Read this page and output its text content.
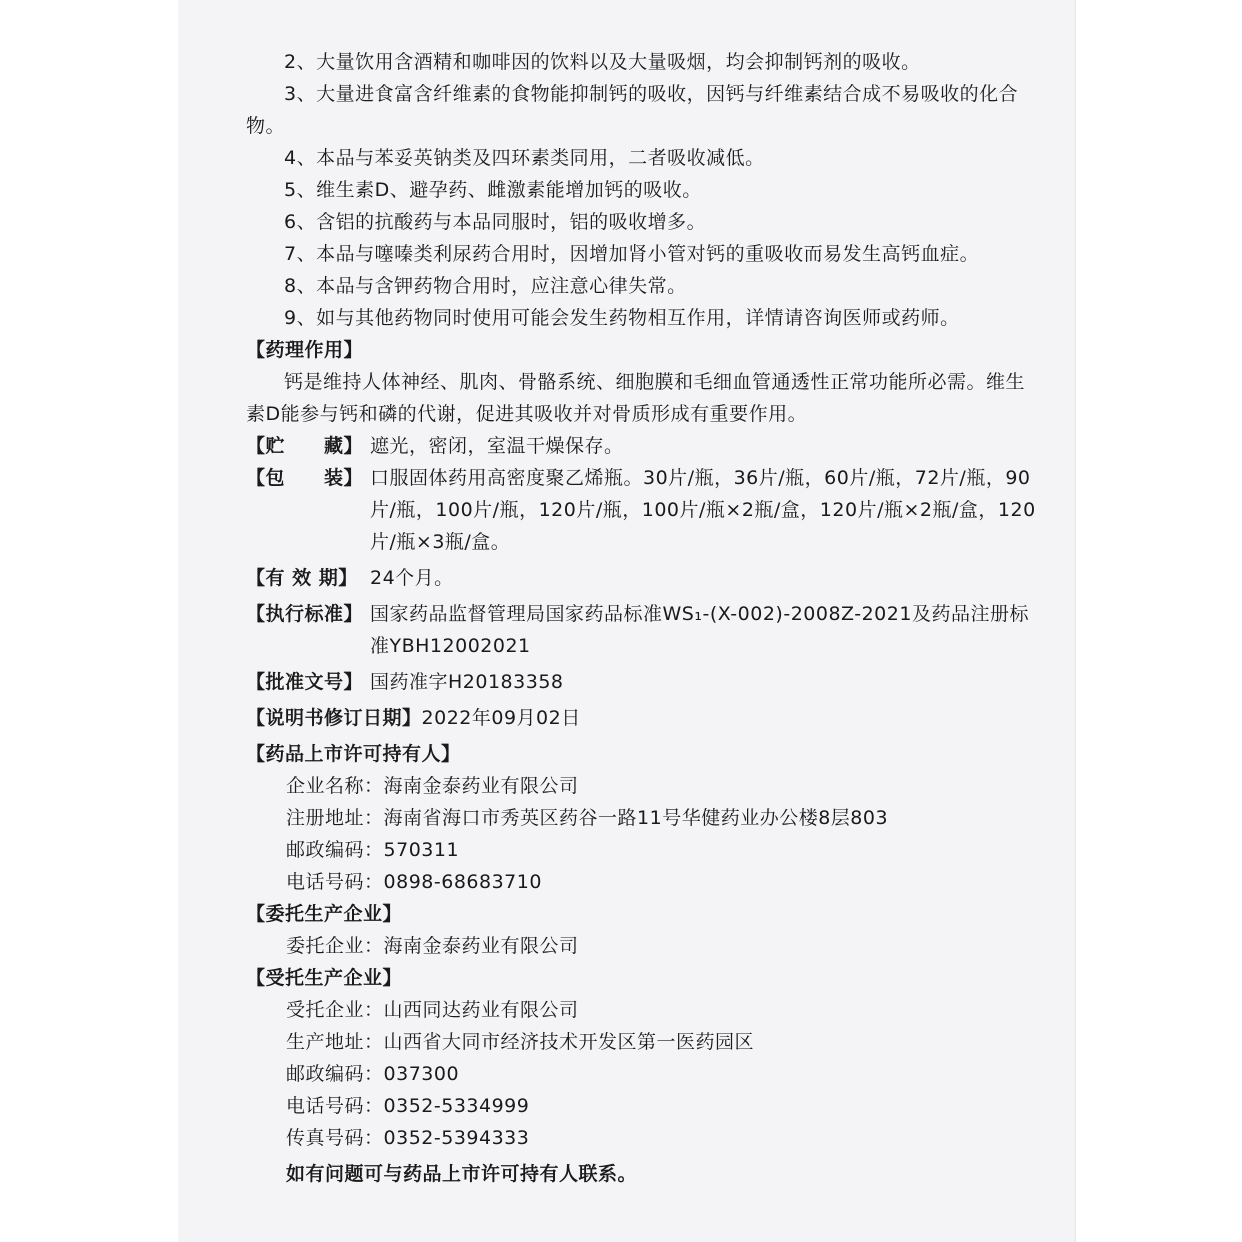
2、大量饮用含酒精和咖啡因的饮料以及大量吸烟，均会抑制钙剂的吸收。

3、大量进食富含纤维素的食物能抑制钙的吸收，因钙与纤维素结合成不易吸收的化合物。

4、本品与苯妥英钠类及四环素类同用，二者吸收减低。

5、维生素D、避孕药、雌激素能增加钙的吸收。

6、含铝的抗酸药与本品同服时，铝的吸收增多。

7、本品与噻嗪类利尿药合用时，因增加肾小管对钙的重吸收而易发生高钙血症。

8、本品与含钾药物合用时，应注意心律失常。

9、如与其他药物同时使用可能会发生药物相互作用，详情请咨询医师或药师。

【药理作用】

钙是维持人体神经、肌肉、骨骼系统、细胞膜和毛细血管通透性正常功能所必需。维生素D能参与钙和磷的代谢，促进其吸收并对骨质形成有重要作用。

【贮　　藏】 遮光，密闭，室温干燥保存。
【包　　装】 口服固体药用高密度聚乙烯瓶。30片/瓶，36片/瓶，60片/瓶，72片/瓶，90片/瓶，100片/瓶，120片/瓶，100片/瓶×2瓶/盒，120片/瓶×2瓶/盒，120片/瓶×3瓶/盒。
【有 效 期】 24个月。
【执行标准】 国家药品监督管理局国家药品标准WS₁-(X-002)-2008Z-2021及药品注册标准YBH12002021
【批准文号】 国药准字H20183358
【说明书修订日期】 2022年09月02日

【药品上市许可持有人】

企业名称： 海南金泰药业有限公司
注册地址： 海南省海口市秀英区药谷一路11号华健药业办公楼8层803
邮政编码： 570311
电话号码： 0898-68683710

【委托生产企业】

委托企业： 海南金泰药业有限公司

【受托生产企业】

受托企业： 山西同达药业有限公司
生产地址： 山西省大同市经济技术开发区第一医药园区
邮政编码： 037300
电话号码： 0352-5334999
传真号码： 0352-5394333

如有问题可与药品上市许可持有人联系。
